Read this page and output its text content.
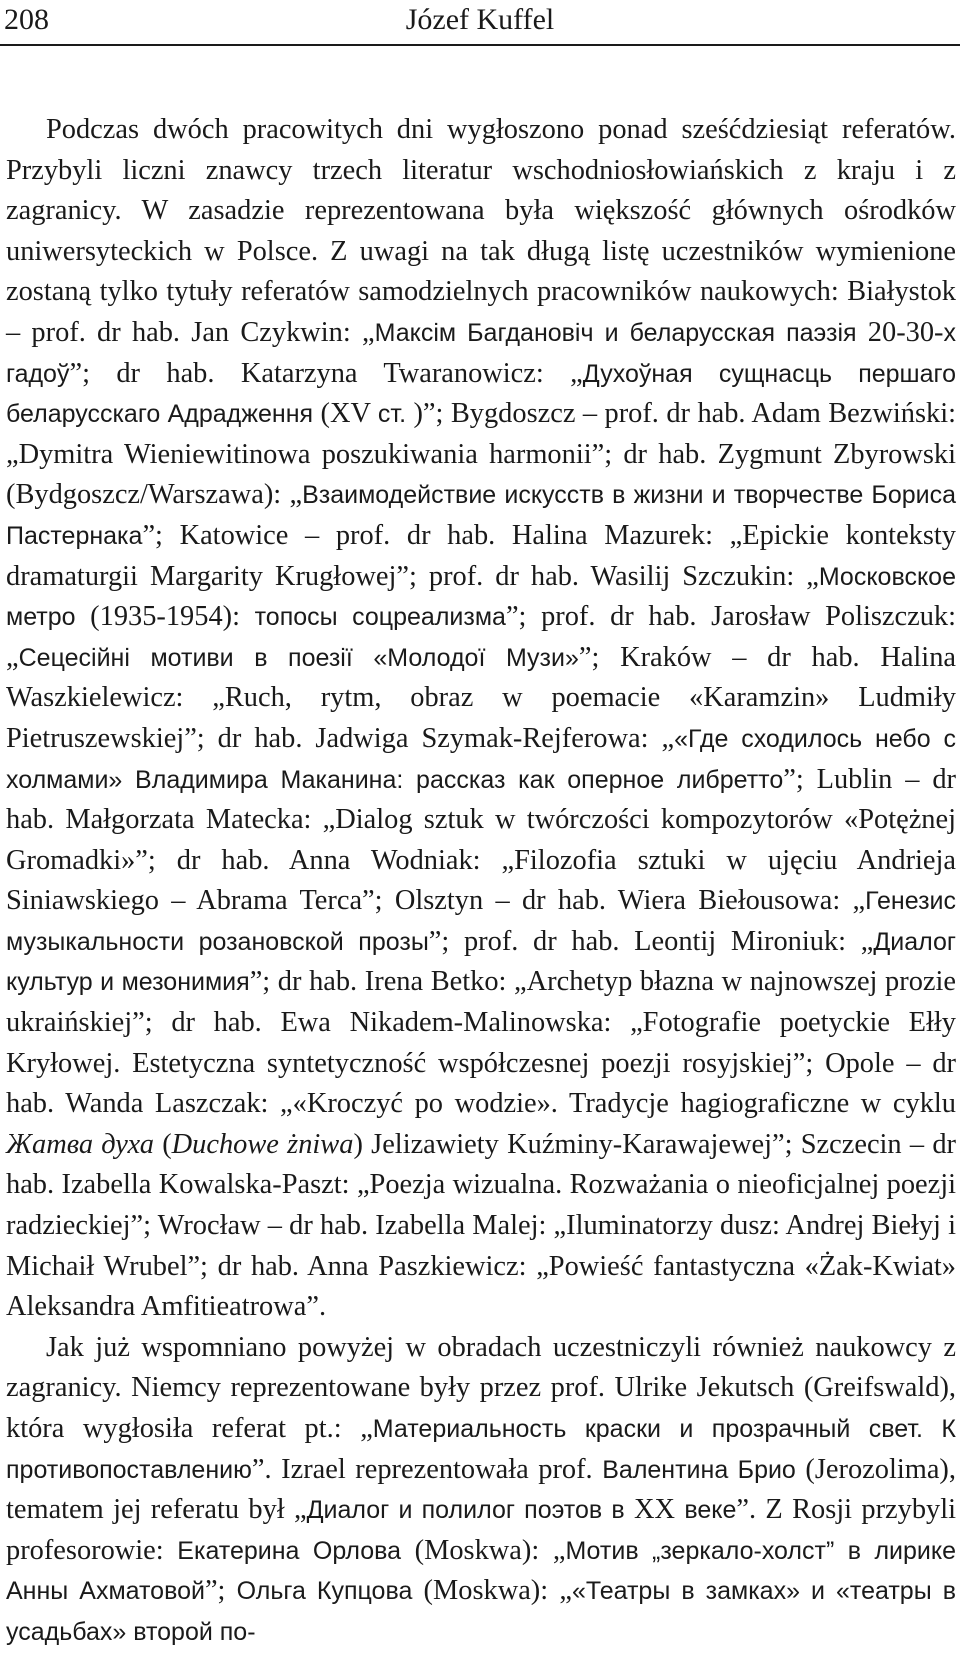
208	Józef Kuffel

Podczas dwóch pracowitych dni wygłoszono ponad sześćdziesiąt referatów. Przybyli liczni znawcy trzech literatur wschodniosłowiańskich z kraju i z zagranicy. W zasadzie reprezentowana była większość głównych ośrodków uniwersyteckich w Polsce. Z uwagi na tak długą listę uczestników wymienione zostaną tylko tytuły referatów samodzielnych pracowników naukowych: Białystok – prof. dr hab. Jan Czykwin: „Максім Багдановіч и беларусская паэзія 20-30-х гадоў”; dr hab. Katarzyna Twaranowicz: „Духоўная сущнасць першаго беларусскаго Адрадження (XV ст. )”; Bygdoszcz – prof. dr hab. Adam Bezwiński: „Dymitra Wieniewitinowa poszukiwania harmonii”; dr hab. Zygmunt Zbyrowski (Bydgoszcz/Warszawa): „Взаимодействие искусств в жизни и творчестве Бориса Пастернака”; Katowice – prof. dr hab. Halina Mazurek: „Epickie konteksty dramaturgii Margarity Krugłowej”; prof. dr hab. Wasilij Szczukin: „Московское метро (1935-1954): топосы соцреализма”; prof. dr hab. Jarosław Poliszczuk: „Сецесійні мотиви в поезії «Молодої Музи»”; Kraków – dr hab. Halina Waszkielewicz: „Ruch, rytm, obraz w poemacie «Karamzin» Ludmiły Pietruszewskiej”; dr hab. Jadwiga Szymak-Rejferowa: „«Где сходилось небо с холмами» Владимира Маканина: рассказ как оперное либретто”; Lublin – dr hab. Małgorzata Matecka: „Dialog sztuk w twórczości kompozytorów «Potężnej Gromadki»”; dr hab. Anna Wodniak: „Filozofia sztuki w ujęciu Andrieja Siniawskiego – Abrama Terca”; Olsztyn – dr hab. Wiera Biełousowa: „Генезис музыкальности розановской прозы”; prof. dr hab. Leontij Mironiuk: „Диалог культур и мезонимия”; dr hab. Irena Betko: „Archetyp błazna w najnowszej prozie ukraińskiej”; dr hab. Ewa Nikadem-Malinowska: „Fotografie poetyckie Ełły Kryłowej. Estetyczna syntetyczność współczesnej poezji rosyjskiej”; Opole – dr hab. Wanda Laszczak: „«Kroczyć po wodzie». Tradycje hagiograficzne w cyklu Жатва духа (Duchowe żniwa) Jelizawiety Kuźminy-Karawajewej”; Szczecin – dr hab. Izabella Kowalska-Paszt: „Poezja wizualna. Rozważania o nieoficjalnej poezji radzieckiej”; Wrocław – dr hab. Izabella Malej: „Iluminatorzy dusz: Andrej Biełyj i Michaił Wrubel”; dr hab. Anna Paszkiewicz: „Powieść fantastyczna «Żak-Kwiat» Aleksandra Amfitieatrowa”.

Jak już wspomniano powyżej w obradach uczestniczyli również naukowcy z zagranicy. Niemcy reprezentowane były przez prof. Ulrike Jekutsch (Greifswald), która wygłosiła referat pt.: „Материальность краски и прозрачный свет. К противопоставлению”. Izrael reprezentowała prof. Валентина Брио (Jerozolima), tematem jej referatu był „Диалог и полилог поэтов в XX веке”. Z Rosji przybyli profesorowie: Екатерина Орлова (Moskwa): „Мотив „зеркало-холст” в лирике Анны Ахматовой”; Ольга Купцова (Moskwa): „«Театры в замках» и «театры в усадьбах» второй по-
